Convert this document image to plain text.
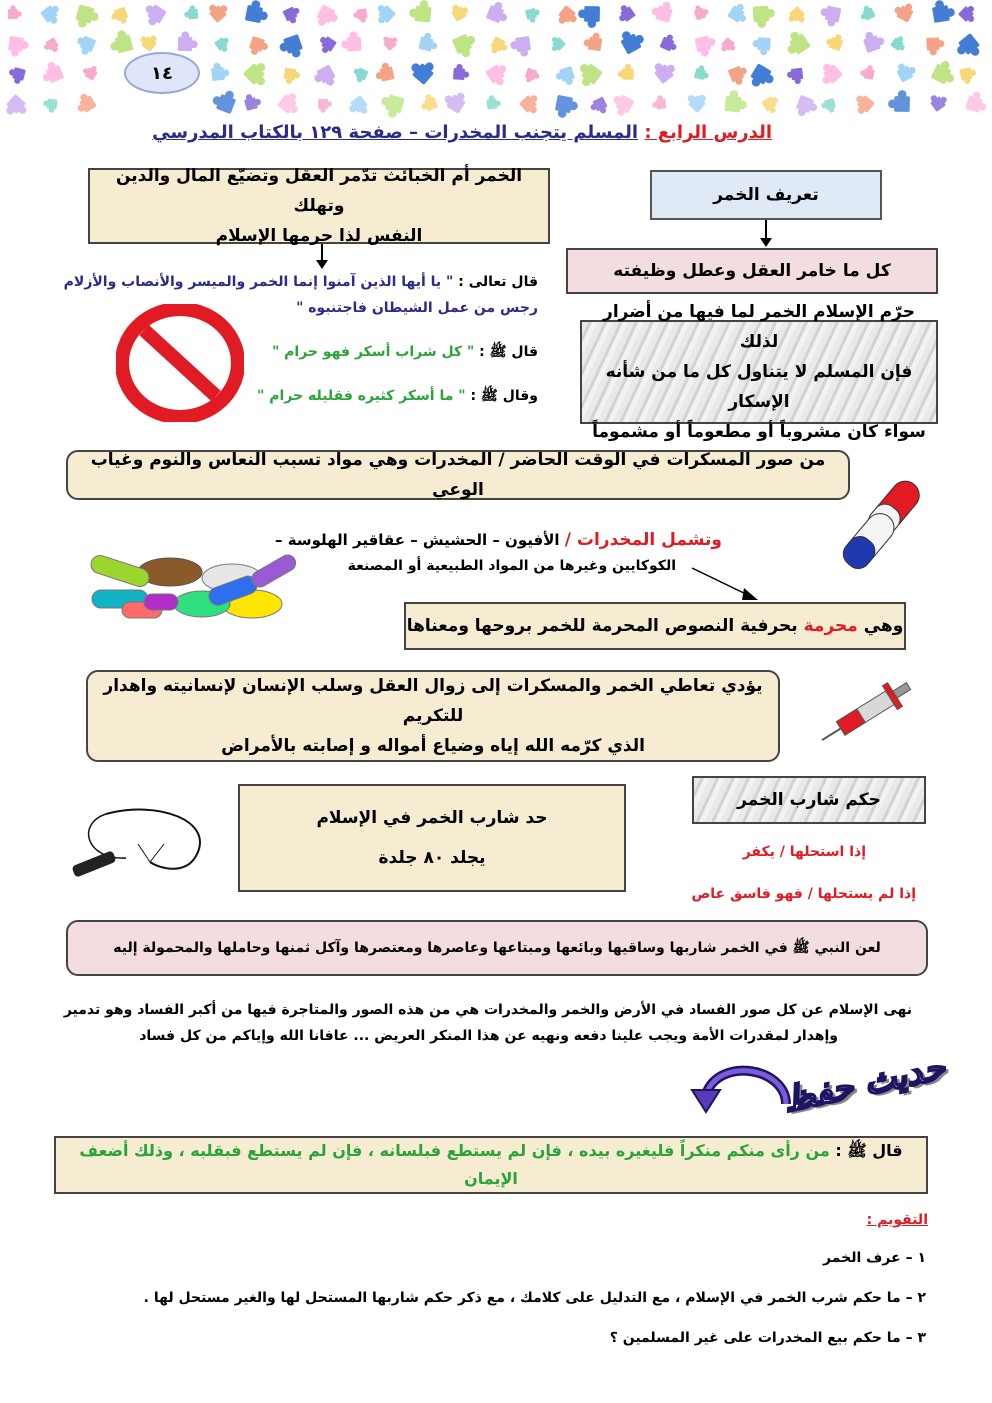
١٤
الدرس الرابع : المسلم يتجنب المخدرات – صفحة ١٢٩ بالكتاب المدرسي
تعريف الخمر
كل ما خامر العقل وعطل وظيفته
الخمر أم الخبائث تدّمر العقل وتضيّع المال والدين وتهلك
النفس لذا حرمها الإسلام
قال تعالى : " يا أيها الذين آمنوا إنما الخمر والميسر والأنصاب والأزلام
رجس من عمل الشيطان فاجتنبوه "
قال ﷺ : " كل شراب أسكر فهو حرام "
وقال ﷺ : " ما أسكر كثيره فقليله حرام "
حرّم الإسلام الخمر لما فيها من أضرار لذلك
فإن المسلم لا يتناول كل ما من شأنه الإسكار
سواء كان مشروباً أو مطعوماً أو مشموماً
من صور المسكرات في الوقت الحاضر / المخدرات وهي مواد تسبب النعاس والنوم وغياب الوعي
وتشمل المخدرات / الأفيون – الحشيش – عقاقير الهلوسة –
الكوكايين وغيرها من المواد الطبيعية أو المصنعة
وهي محرمة بحرفية النصوص المحرمة للخمر بروحها ومعناها
يؤدي تعاطي الخمر والمسكرات إلى زوال العقل وسلب الإنسان لإنسانيته واهدار للتكريم
الذي كرّمه الله إياه وضياع أمواله و إصابته بالأمراض
حكم شارب الخمر
إذا استحلها / يكفر
إذا لم يستحلها / فهو فاسق عاص
حد شارب الخمر في الإسلام
يجلد ٨٠ جلدة
لعن النبي ﷺ في الخمر شاربها وساقيها وبائعها ومبتاعها وعاصرها ومعتصرها وآكل ثمنها وحاملها والمحمولة إليه
نهى الإسلام عن كل صور الفساد في الأرض والخمر والمخدرات هي من هذه الصور والمتاجرة فيها من أكبر الفساد وهو تدمير
وإهدار لمقدرات الأمة ويجب علينا دفعه ونهيه عن هذا المنكر العريض ... عافانا الله وإياكم من كل فساد
حديث حفظ
قال ﷺ : من رأى منكم منكراً فليغيره بيده ، فإن لم يستطع فبلسانه ، فإن لم يستطع فبقلبه ، وذلك أضعف الإيمان
التقويم :
١ – عرف الخمر
٢ – ما حكم شرب الخمر في الإسلام ، مع التدليل على كلامك ، مع ذكر حكم شاربها المستحل لها والغير مستحل لها .
٣ – ما حكم بيع المخدرات على غير المسلمين ؟
